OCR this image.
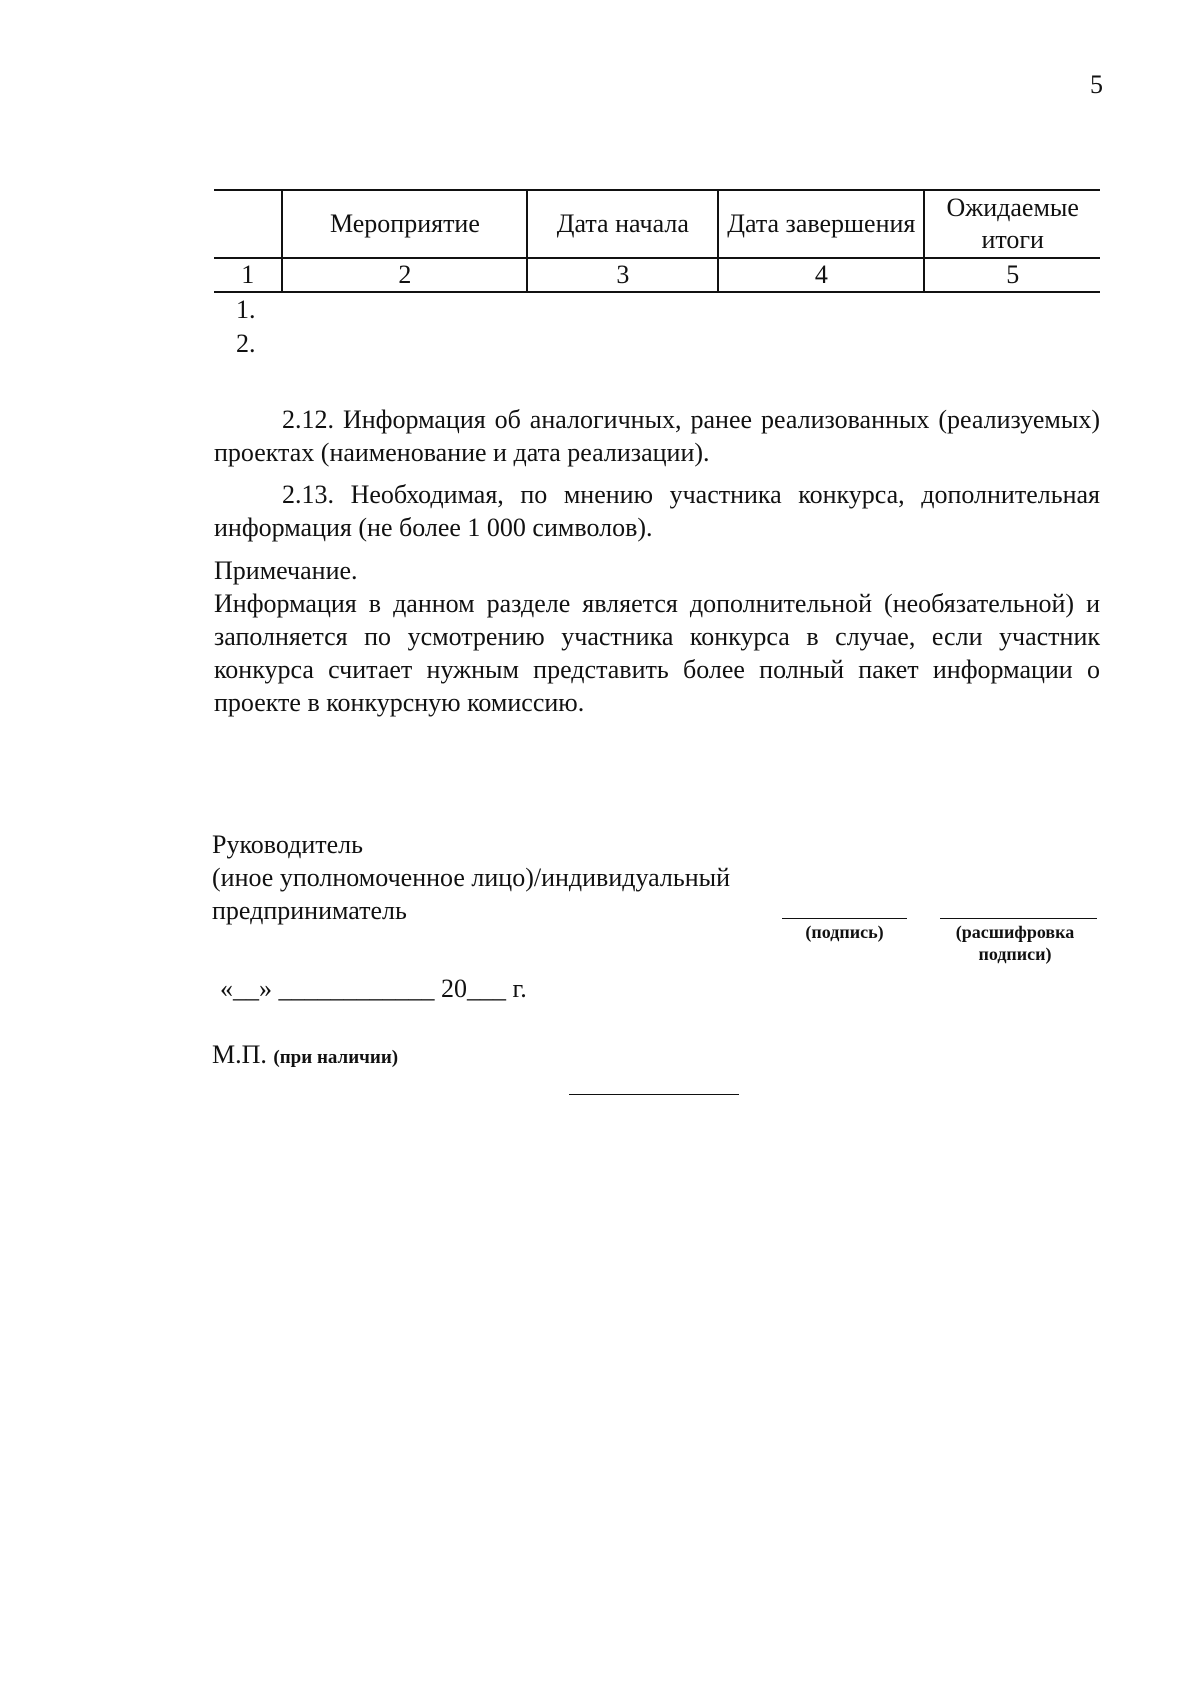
5
	Мероприятие	Дата начала	Дата завершения	Ожидаемые итоги
1	2	3	4	5
1.
2.

2.12. Информация об аналогичных, ранее реализованных (реализуемых) проектах (наименование и дата реализации).

2.13. Необходимая, по мнению участника конкурса, дополнительная информация (не более 1 000 символов).

Примечание.

Информация в данном разделе является дополнительной (необязательной) и заполняется по усмотрению участника конкурса в случае, если участник конкурса считает нужным представить более полный пакет информации о проекте в конкурсную комиссию.

Руководитель
(иное уполномоченное лицо)/индивидуальный
предприниматель
(подпись)	(расшифровка подписи)
«__» ____________ 20___ г.
М.П. (при наличии)
